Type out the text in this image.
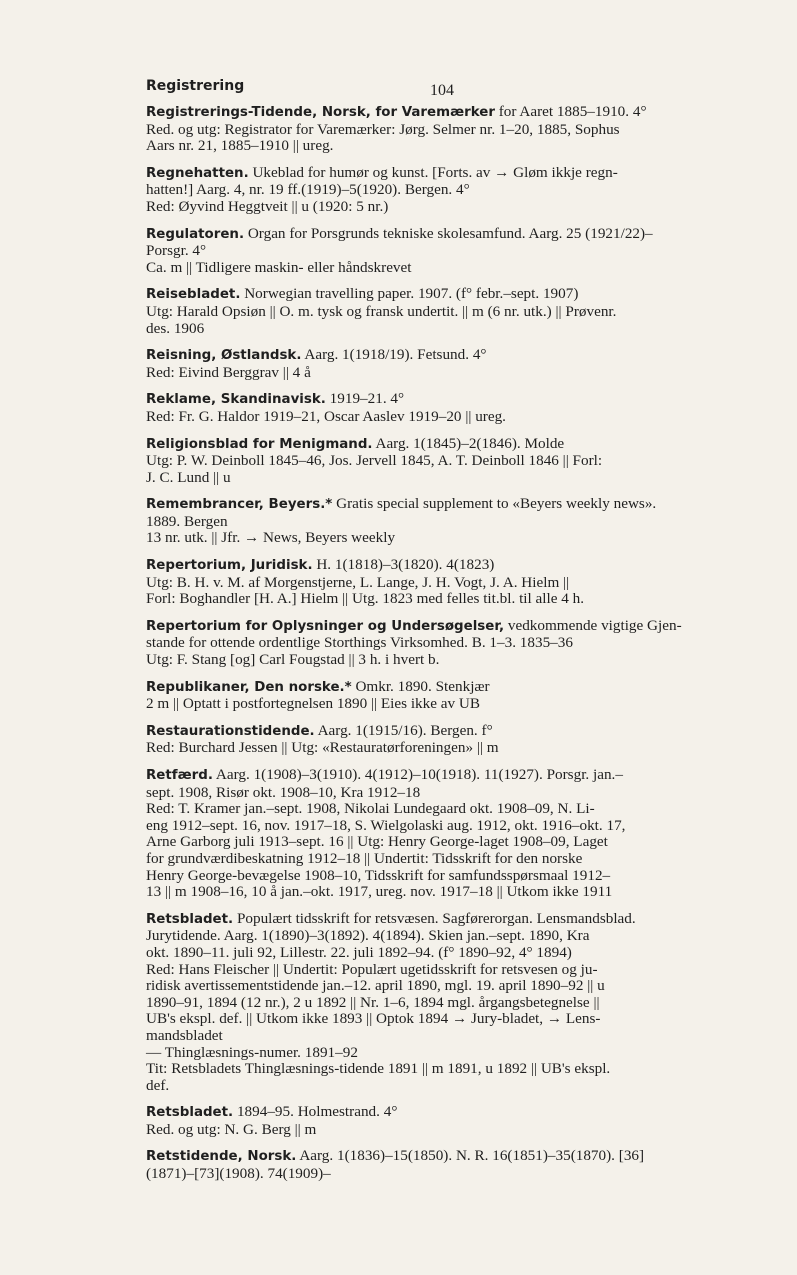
Registrering	104
Registrerings-Tidende, Norsk, for Varemærker for Aaret 1885–1910. 4°
Red. og utg: Registrator for Varemærker: Jørg. Selmer nr. 1–20, 1885, Sophus
Aars nr. 21, 1885–1910 || ureg.
Regnehatten. Ukeblad for humør og kunst. [Forts. av → Gløm ikkje regn-
hatten!] Aarg. 4, nr. 19 ff.(1919)–5(1920). Bergen. 4°
Red: Øyvind Heggtveit || u (1920: 5 nr.)
Regulatoren. Organ for Porsgrunds tekniske skolesamfund. Aarg. 25 (1921/22)–
Porsgr. 4°
Ca. m || Tidligere maskin- eller håndskrevet
Reisebladet. Norwegian travelling paper. 1907. (f° febr.–sept. 1907)
Utg: Harald Opsiøn || O. m. tysk og fransk undertit. || m (6 nr. utk.) || Prøvenr.
des. 1906
Reisning, Østlandsk. Aarg. 1(1918/19). Fetsund. 4°
Red: Eivind Berggrav || 4 å
Reklame, Skandinavisk. 1919–21. 4°
Red: Fr. G. Haldor 1919–21, Oscar Aaslev 1919–20 || ureg.
Religionsblad for Menigmand. Aarg. 1(1845)–2(1846). Molde
Utg: P. W. Deinboll 1845–46, Jos. Jervell 1845, A. T. Deinboll 1846 || Forl:
J. C. Lund || u
Remembrancer, Beyers.* Gratis special supplement to «Beyers weekly news».
1889. Bergen
13 nr. utk. || Jfr. → News, Beyers weekly
Repertorium, Juridisk. H. 1(1818)–3(1820). 4(1823)
Utg: B. H. v. M. af Morgenstjerne, L. Lange, J. H. Vogt, J. A. Hielm ||
Forl: Boghandler [H. A.] Hielm || Utg. 1823 med felles tit.bl. til alle 4 h.
Repertorium for Oplysninger og Undersøgelser, vedkommende vigtige Gjen-
stande for ottende ordentlige Storthings Virksomhed. B. 1–3. 1835–36
Utg: F. Stang [og] Carl Fougstad || 3 h. i hvert b.
Republikaner, Den norske.* Omkr. 1890. Stenkjær
2 m || Optatt i postfortegnelsen 1890 || Eies ikke av UB
Restaurationstidende. Aarg. 1(1915/16). Bergen. f°
Red: Burchard Jessen || Utg: «Restauratørforeningen» || m
Retfærd. Aarg. 1(1908)–3(1910). 4(1912)–10(1918). 11(1927). Porsgr. jan.–
sept. 1908, Risør okt. 1908–10, Kra 1912–18
Red: T. Kramer jan.–sept. 1908, Nikolai Lundegaard okt. 1908–09, N. Li-
eng 1912–sept. 16, nov. 1917–18, S. Wielgolaski aug. 1912, okt. 1916–okt. 17,
Arne Garborg juli 1913–sept. 16 || Utg: Henry George-laget 1908–09, Laget
for grundværdibeskatning 1912–18 || Undertit: Tidsskrift for den norske
Henry George-bevægelse 1908–10, Tidsskrift for samfundsspørsmaal 1912–
13 || m 1908–16, 10 å jan.–okt. 1917, ureg. nov. 1917–18 || Utkom ikke 1911
Retsbladet. Populært tidsskrift for retsvæsen. Sagførerorgan. Lensmandsblad.
Jurytidende. Aarg. 1(1890)–3(1892). 4(1894). Skien jan.–sept. 1890, Kra
okt. 1890–11. juli 92, Lillestr. 22. juli 1892–94. (f° 1890–92, 4° 1894)
Red: Hans Fleischer || Undertit: Populært ugetidsskrift for retsvesen og ju-
ridisk avertissementstidende jan.–12. april 1890, mgl. 19. april 1890–92 || u
1890–91, 1894 (12 nr.), 2 u 1892 || Nr. 1–6, 1894 mgl. årgangsbetegnelse ||
UB's ekspl. def. || Utkom ikke 1893 || Optok 1894 → Jury-bladet, → Lens-
mandsbladet
— Thinglæsnings-numer. 1891–92
Tit: Retsbladets Thinglæsnings-tidende 1891 || m 1891, u 1892 || UB's ekspl.
def.
Retsbladet. 1894–95. Holmestrand. 4°
Red. og utg: N. G. Berg || m
Retstidende, Norsk. Aarg. 1(1836)–15(1850). N. R. 16(1851)–35(1870). [36]
(1871)–[73](1908). 74(1909)–
